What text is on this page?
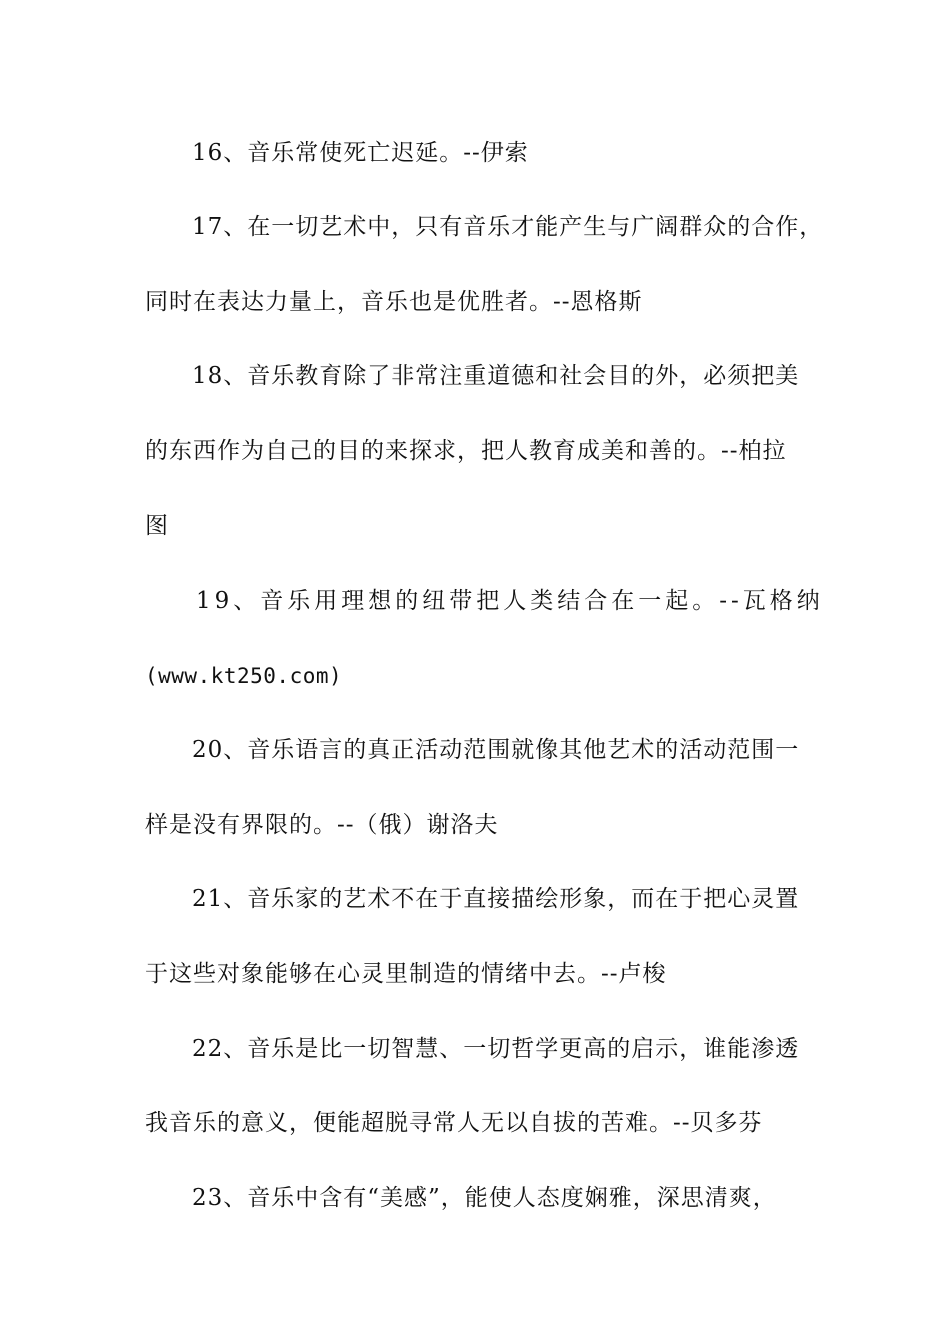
16、音乐常使死亡迟延。--伊索
17、在一切艺术中，只有音乐才能产生与广阔群众的合作，
同时在表达力量上，音乐也是优胜者。--恩格斯
18、音乐教育除了非常注重道德和社会目的外，必须把美
的东西作为自己的目的来探求，把人教育成美和善的。--柏拉
图
19、音乐用理想的纽带把人类结合在一起。--瓦格纳
(www.kt250.com)
20、音乐语言的真正活动范围就像其他艺术的活动范围一
样是没有界限的。--（俄）谢洛夫
21、音乐家的艺术不在于直接描绘形象，而在于把心灵置
于这些对象能够在心灵里制造的情绪中去。--卢梭
22、音乐是比一切智慧、一切哲学更高的启示，谁能渗透
我音乐的意义，便能超脱寻常人无以自拔的苦难。--贝多芬
23、音乐中含有“美感”，能使人态度娴雅，深思清爽，
